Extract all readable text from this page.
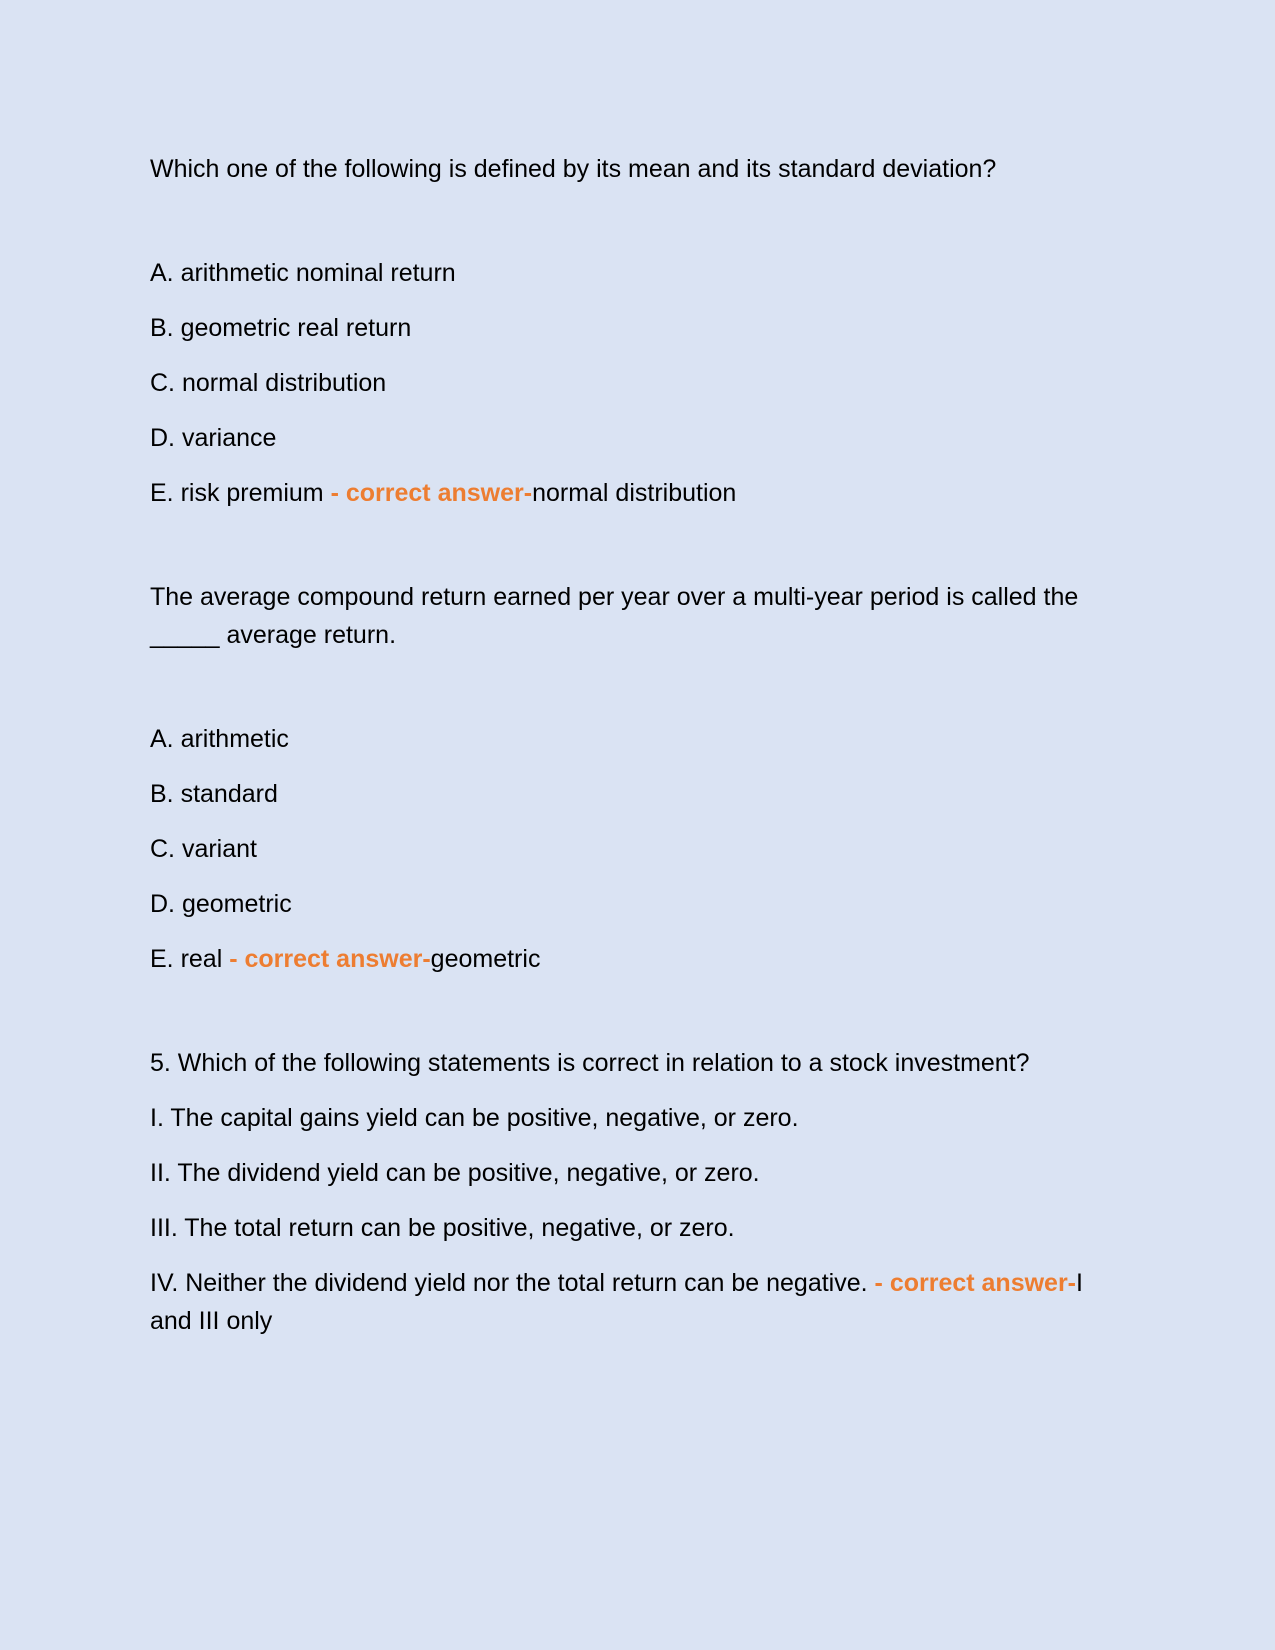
Which one of the following is defined by its mean and its standard deviation?

A. arithmetic nominal return
B. geometric real return
C. normal distribution
D. variance
E. risk premium - correct answer-normal distribution

The average compound return earned per year over a multi-year period is called the _____ average return.

A. arithmetic
B. standard
C. variant
D. geometric
E. real - correct answer-geometric

5. Which of the following statements is correct in relation to a stock investment?

I. The capital gains yield can be positive, negative, or zero.
II. The dividend yield can be positive, negative, or zero.
III. The total return can be positive, negative, or zero.
IV. Neither the dividend yield nor the total return can be negative. - correct answer-I and III only
